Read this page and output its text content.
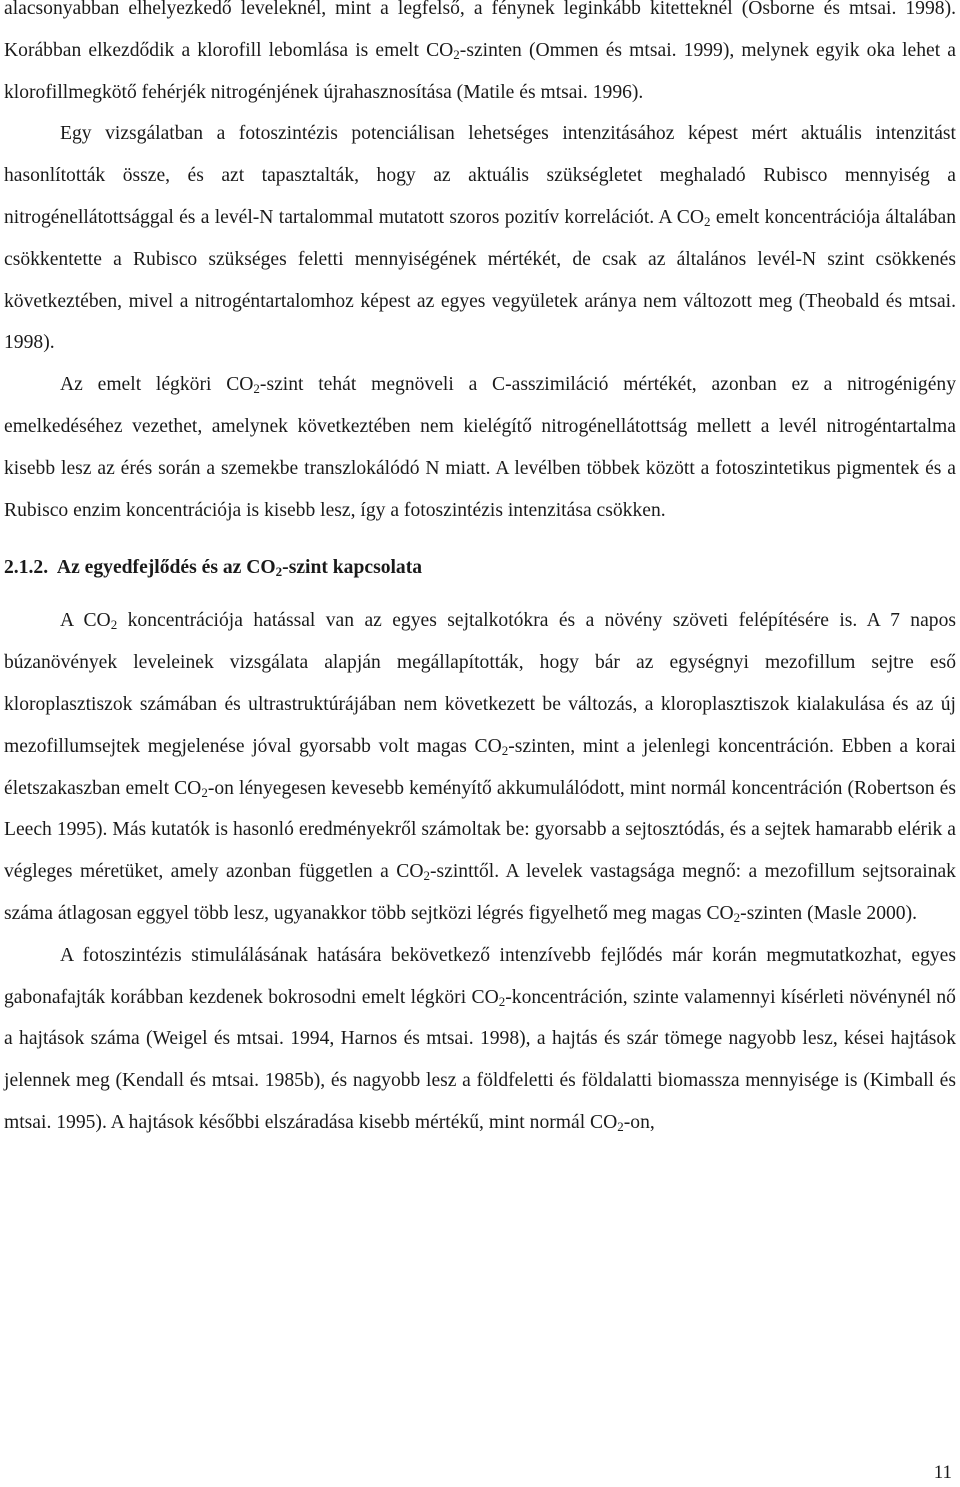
alacsonyabban elhelyezkedő leveleknél, mint a legfelső, a fénynek leginkább kitetteknél (Osborne és mtsai. 1998). Korábban elkezdődik a klorofill lebomlása is emelt $CO_2$-szinten (Ommen és mtsai. 1999), melynek egyik oka lehet a klorofillmegkötő fehérjék nitrogénjének újrahasznosítása (Matile és mtsai. 1996).

Egy vizsgálatban a fotoszintézis potenciálisan lehetséges intenzitásához képest mért aktuális intenzitást hasonlították össze, és azt tapasztalták, hogy az aktuális szükségletet meghaladó Rubisco mennyiség a nitrogénellátottsággal és a levél-N tartalommal mutatott szoros pozitív korrelációt. A $CO_2$ emelt koncentrációja általában csökkentette a Rubisco szükséges feletti mennyiségének mértékét, de csak az általános levél-N szint csökkenés következtében, mivel a nitrogéntartalomhoz képest az egyes vegyületek aránya nem változott meg (Theobald és mtsai. 1998).

Az emelt légköri $CO_2$-szint tehát megnöveli a C-asszimiláció mértékét, azonban ez a nitrogénigény emelkedéséhez vezethet, amelynek következtében nem kielégítő nitrogénellátottság mellett a levél nitrogéntartalma kisebb lesz az érés során a szemekbe transzlokálódó N miatt. A levélben többek között a fotoszintetikus pigmentek és a Rubisco enzim koncentrációja is kisebb lesz, így a fotoszintézis intenzitása csökken.

2.1.2. Az egyedfejlődés és az $CO_2$-szint kapcsolata

A $CO_2$ koncentrációja hatással van az egyes sejtalkotókra és a növény szöveti felépítésére is. A 7 napos búzanövények leveleinek vizsgálata alapján megállapították, hogy bár az egységnyi mezofillum sejtre eső kloroplasztiszok számában és ultrastruktúrájában nem következett be változás, a kloroplasztiszok kialakulása és az új mezofillumsejtek megjelenése jóval gyorsabb volt magas $CO_2$-szinten, mint a jelenlegi koncentráción. Ebben a korai életszakaszban emelt $CO_2-on$ lényegesen kevesebb keményítő akkumulálódott, mint normál koncentráción (Robertson és Leech 1995). Más kutatók is hasonló eredményekről számoltak be: gyorsabb a sejtosztódás, és a sejtek hamarabb elérik a végleges méretüket, amely azonban független a $CO_2$-szinttől. A levelek vastagsága megnő: a mezofillum sejtsorainak száma átlagosan eggyel több lesz, ugyanakkor több sejtközi légrés figyelhető meg magas $CO_2$-szinten (Masle 2000).

A fotoszintézis stimulálásának hatására bekövetkező intenzívebb fejlődés már korán megmutatkozhat, egyes gabonafajták korábban kezdenek bokrosodni emelt légköri $CO_2$-koncentráción, szinte valamennyi kísérleti növénynél nő a hajtások száma (Weigel és mtsai. 1994, Harnos és mtsai. 1998), a hajtás és szár tömege nagyobb lesz, kései hajtások jelennek meg (Kendall és mtsai. 1985b), és nagyobb lesz a földfeletti és földalatti biomassza mennyisége is (Kimball és mtsai. 1995). A hajtások későbbi elszáradása kisebb mértékű, mint normál $CO_2-on$,

11
